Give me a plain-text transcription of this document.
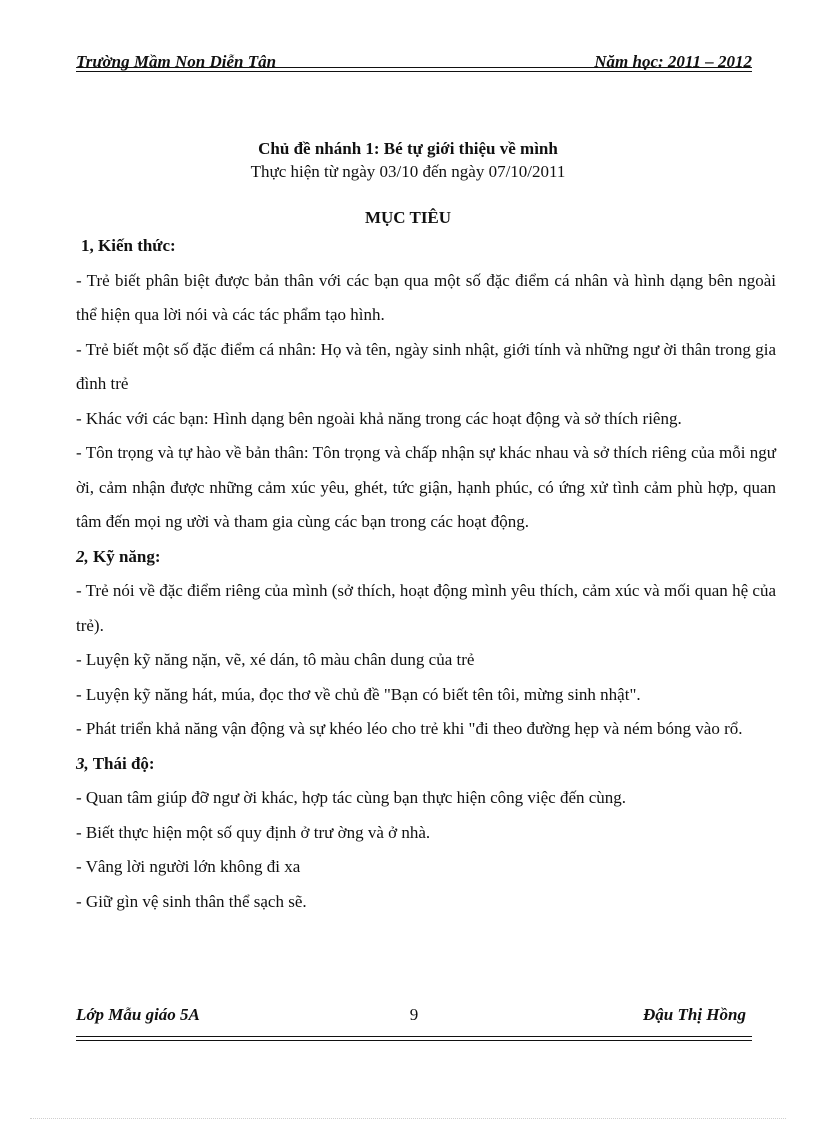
Trường Mầm Non Diễn Tân	Năm học: 2011 – 2012
Chủ đề nhánh 1: Bé tự giới thiệu về mình
Thực hiện từ ngày 03/10 đến ngày 07/10/2011
MỤC TIÊU
1, Kiến thức:

- Trẻ biết phân biệt được bản thân với các bạn qua một số đặc điểm cá nhân và hình dạng bên ngoài thể hiện qua lời nói và các tác phẩm tạo hình.

- Trẻ biết một số đặc điểm cá nhân: Họ và tên, ngày sinh nhật, giới tính và những ngư ời thân trong gia đình trẻ

- Khác với các bạn: Hình dạng bên ngoài khả năng trong các hoạt động và sở thích riêng.

- Tôn trọng và tự hào về bản thân: Tôn trọng và chấp nhận sự khác nhau và sở thích riêng của mỗi ngư ời, cảm nhận được những cảm xúc yêu, ghét, tức giận, hạnh phúc, có ứng xử tình cảm phù hợp, quan tâm đến mọi ng ười và tham gia cùng các bạn trong các hoạt động.

2, Kỹ năng:

- Trẻ nói về đặc điểm riêng của mình (sở thích, hoạt động mình yêu thích, cảm xúc và mối quan hệ của trẻ).

- Luyện kỹ năng nặn, vẽ, xé dán, tô màu chân dung của trẻ

- Luyện kỹ năng hát, múa, đọc thơ về chủ đề "Bạn có biết tên tôi, mừng sinh nhật".

- Phát triển khả năng vận động và sự khéo léo cho trẻ khi "đi theo đường hẹp và ném bóng vào rổ.

3, Thái độ:

- Quan tâm giúp đỡ ngư ời khác, hợp tác cùng bạn thực hiện công việc đến cùng.

- Biết thực hiện một số quy định ở trư ờng và ở nhà.

- Vâng lời người lớn không đi xa

- Giữ gìn vệ sinh thân thể sạch sẽ.

Lớp Mẫu giáo 5A	9	Đậu Thị Hồng
